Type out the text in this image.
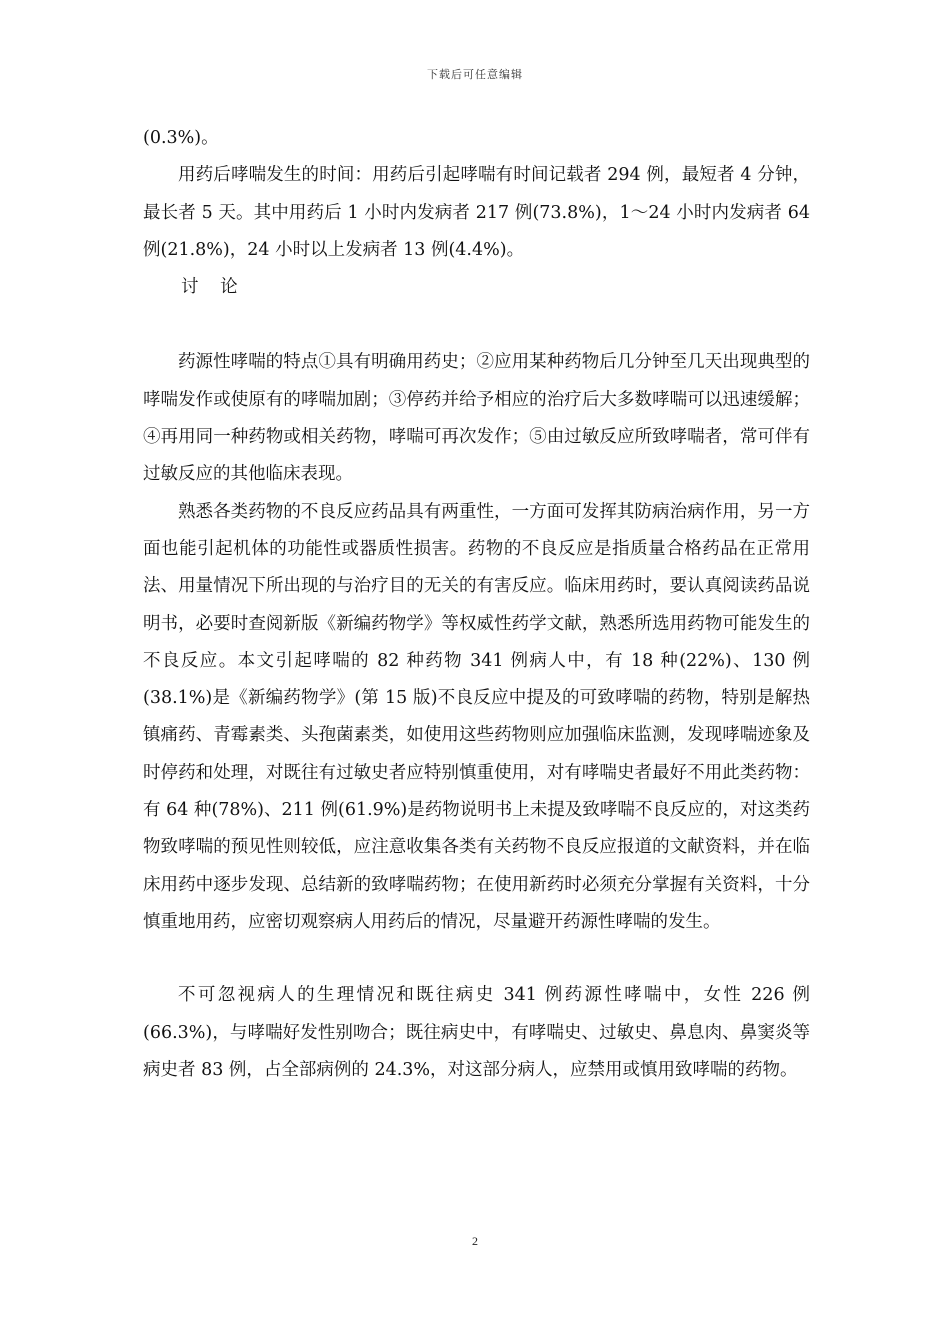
下载后可任意编辑

(0.3%)。

用药后哮喘发生的时间：用药后引起哮喘有时间记载者 294 例，最短者 4 分钟，最长者 5 天。其中用药后 1 小时内发病者 217 例(73.8%)，1～24 小时内发病者 64 例(21.8%)，24 小时以上发病者 13 例(4.4%)。

讨 论

药源性哮喘的特点①具有明确用药史；②应用某种药物后几分钟至几天出现典型的哮喘发作或使原有的哮喘加剧；③停药并给予相应的治疗后大多数哮喘可以迅速缓解；④再用同一种药物或相关药物，哮喘可再次发作；⑤由过敏反应所致哮喘者，常可伴有过敏反应的其他临床表现。

熟悉各类药物的不良反应药品具有两重性，一方面可发挥其防病治病作用，另一方面也能引起机体的功能性或器质性损害。药物的不良反应是指质量合格药品在正常用法、用量情况下所出现的与治疗目的无关的有害反应。临床用药时，要认真阅读药品说明书，必要时查阅新版《新编药物学》等权威性药学文献，熟悉所选用药物可能发生的不良反应。本文引起哮喘的 82 种药物 341 例病人中，有 18 种(22%)、130 例(38.1%)是《新编药物学》(第 15 版)不良反应中提及的可致哮喘的药物，特别是解热镇痛药、青霉素类、头孢菌素类，如使用这些药物则应加强临床监测，发现哮喘迹象及时停药和处理，对既往有过敏史者应特别慎重使用，对有哮喘史者最好不用此类药物：有 64 种(78%)、211 例(61.9%)是药物说明书上未提及致哮喘不良反应的，对这类药物致哮喘的预见性则较低，应注意收集各类有关药物不良反应报道的文献资料，并在临床用药中逐步发现、总结新的致哮喘药物；在使用新药时必须充分掌握有关资料，十分慎重地用药，应密切观察病人用药后的情况，尽量避开药源性哮喘的发生。

不可忽视病人的生理情况和既往病史 341 例药源性哮喘中，女性 226 例(66.3%)，与哮喘好发性别吻合；既往病史中，有哮喘史、过敏史、鼻息肉、鼻窦炎等病史者 83 例，占全部病例的 24.3%，对这部分病人，应禁用或慎用致哮喘的药物。

2
